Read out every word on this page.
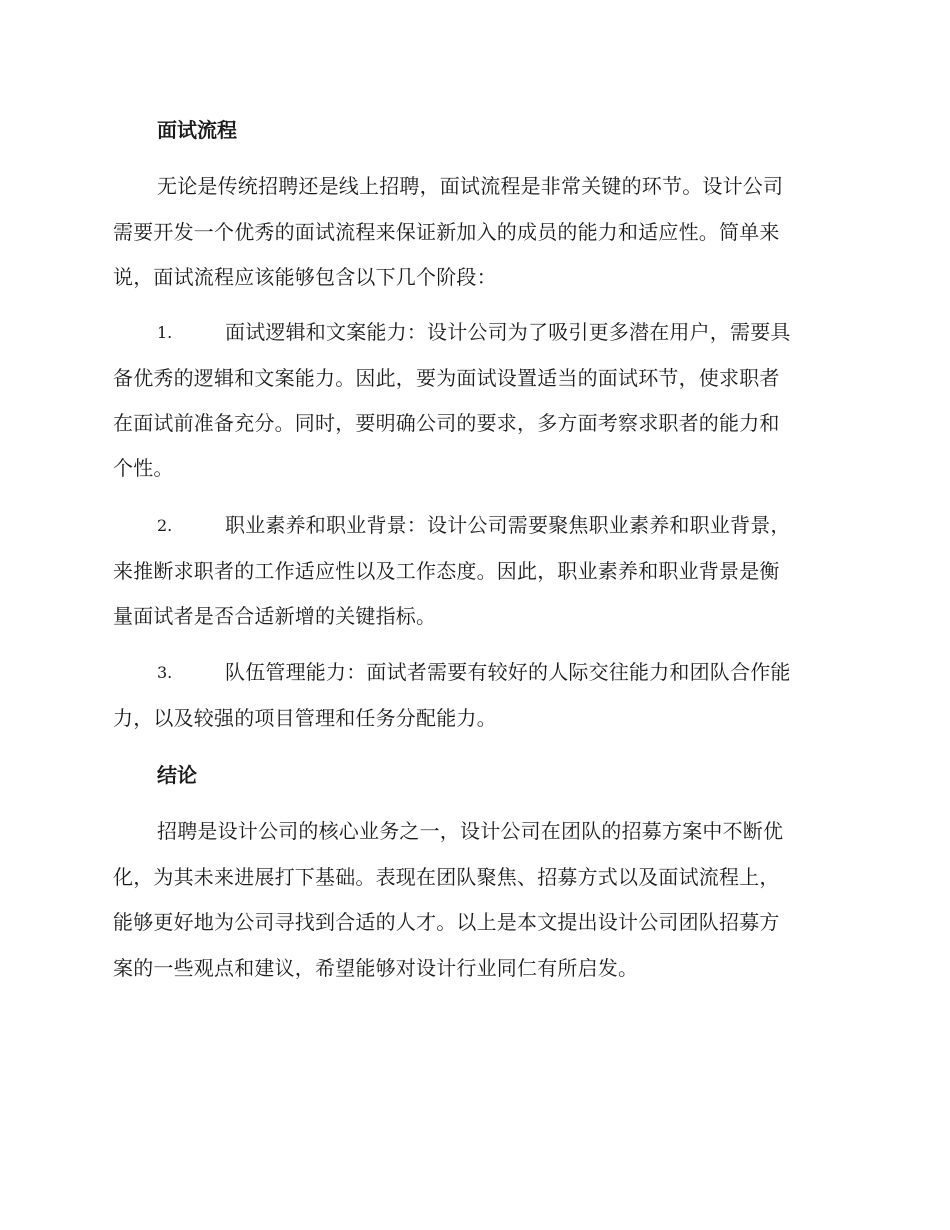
面试流程
无论是传统招聘还是线上招聘，面试流程是非常关键的环节。设计公司
需要开发一个优秀的面试流程来保证新加入的成员的能力和适应性。简单来
说，面试流程应该能够包含以下几个阶段：
1.	面试逻辑和文案能力：设计公司为了吸引更多潜在用户，需要具
备优秀的逻辑和文案能力。因此，要为面试设置适当的面试环节，使求职者
在面试前准备充分。同时，要明确公司的要求，多方面考察求职者的能力和
个性。
2.	职业素养和职业背景：设计公司需要聚焦职业素养和职业背景，
来推断求职者的工作适应性以及工作态度。因此，职业素养和职业背景是衡
量面试者是否合适新增的关键指标。
3.	队伍管理能力：面试者需要有较好的人际交往能力和团队合作能
力，以及较强的项目管理和任务分配能力。
结论
招聘是设计公司的核心业务之一，设计公司在团队的招募方案中不断优
化，为其未来进展打下基础。表现在团队聚焦、招募方式以及面试流程上，
能够更好地为公司寻找到合适的人才。以上是本文提出设计公司团队招募方
案的一些观点和建议，希望能够对设计行业同仁有所启发。
